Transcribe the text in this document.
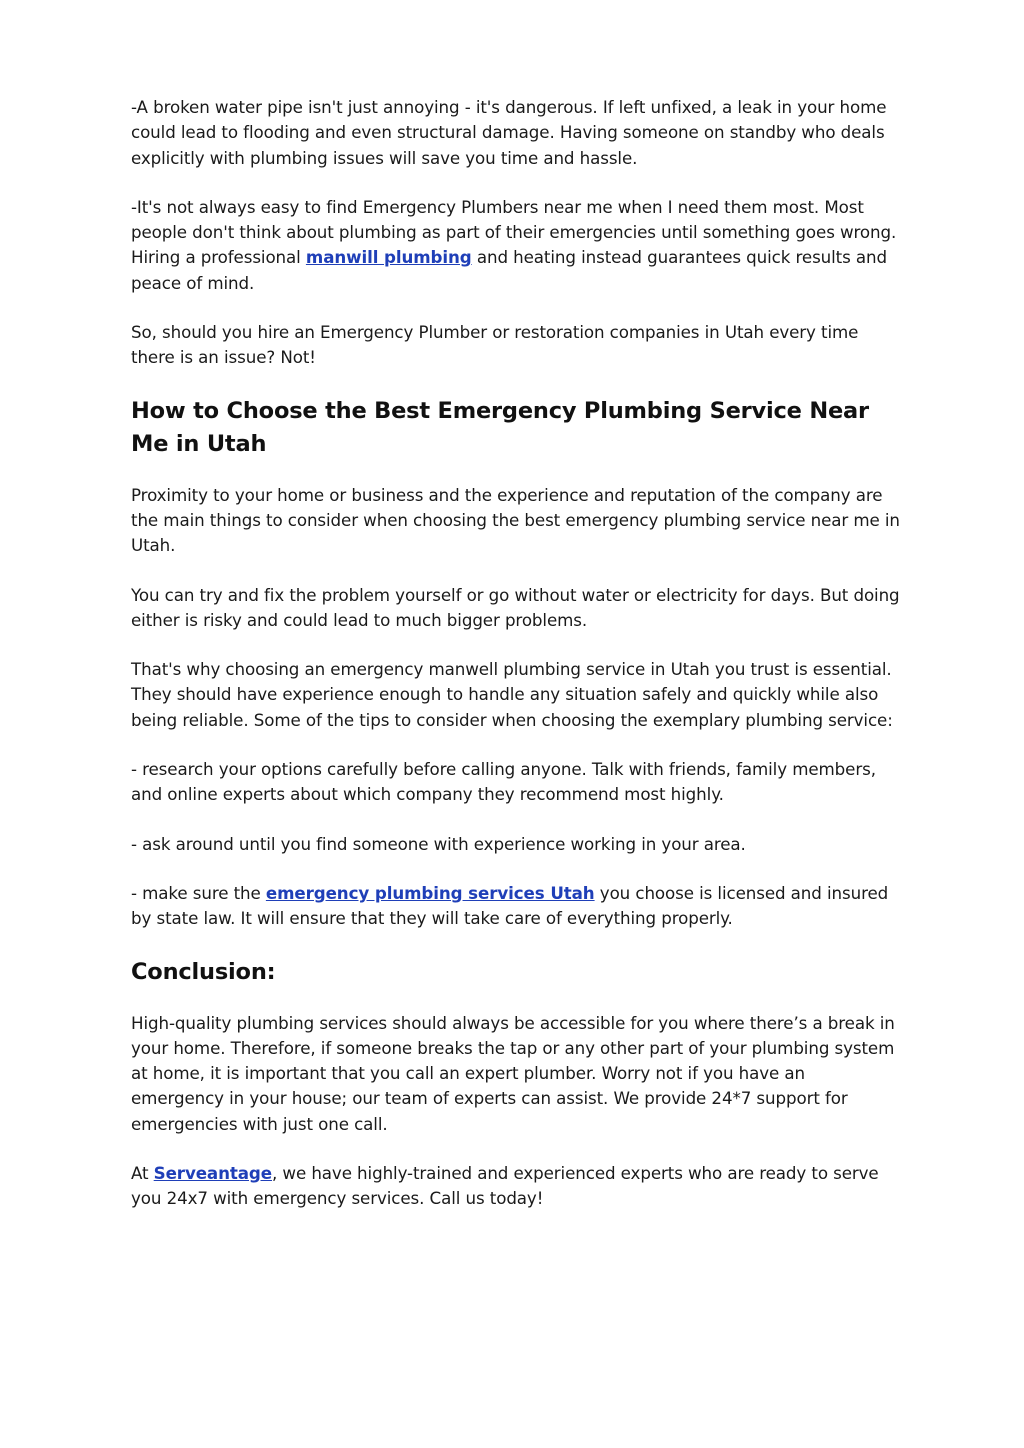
-A broken water pipe isn't just annoying - it's dangerous. If left unfixed, a leak in your home could lead to flooding and even structural damage. Having someone on standby who deals explicitly with plumbing issues will save you time and hassle.

-It's not always easy to find Emergency Plumbers near me when I need them most. Most people don't think about plumbing as part of their emergencies until something goes wrong. Hiring a professional manwill plumbing and heating instead guarantees quick results and peace of mind.

So, should you hire an Emergency Plumber or restoration companies in Utah every time there is an issue? Not!

How to Choose the Best Emergency Plumbing Service Near Me in Utah

Proximity to your home or business and the experience and reputation of the company are the main things to consider when choosing the best emergency plumbing service near me in Utah.

You can try and fix the problem yourself or go without water or electricity for days. But doing either is risky and could lead to much bigger problems.

That's why choosing an emergency manwell plumbing service in Utah you trust is essential. They should have experience enough to handle any situation safely and quickly while also being reliable. Some of the tips to consider when choosing the exemplary plumbing service:

- research your options carefully before calling anyone. Talk with friends, family members, and online experts about which company they recommend most highly.

- ask around until you find someone with experience working in your area.

- make sure the emergency plumbing services Utah you choose is licensed and insured by state law. It will ensure that they will take care of everything properly.

Conclusion:

High-quality plumbing services should always be accessible for you where there’s a break in your home. Therefore, if someone breaks the tap or any other part of your plumbing system at home, it is important that you call an expert plumber. Worry not if you have an emergency in your house; our team of experts can assist. We provide 24*7 support for emergencies with just one call.

At Serveantage, we have highly-trained and experienced experts who are ready to serve you 24x7 with emergency services. Call us today!
